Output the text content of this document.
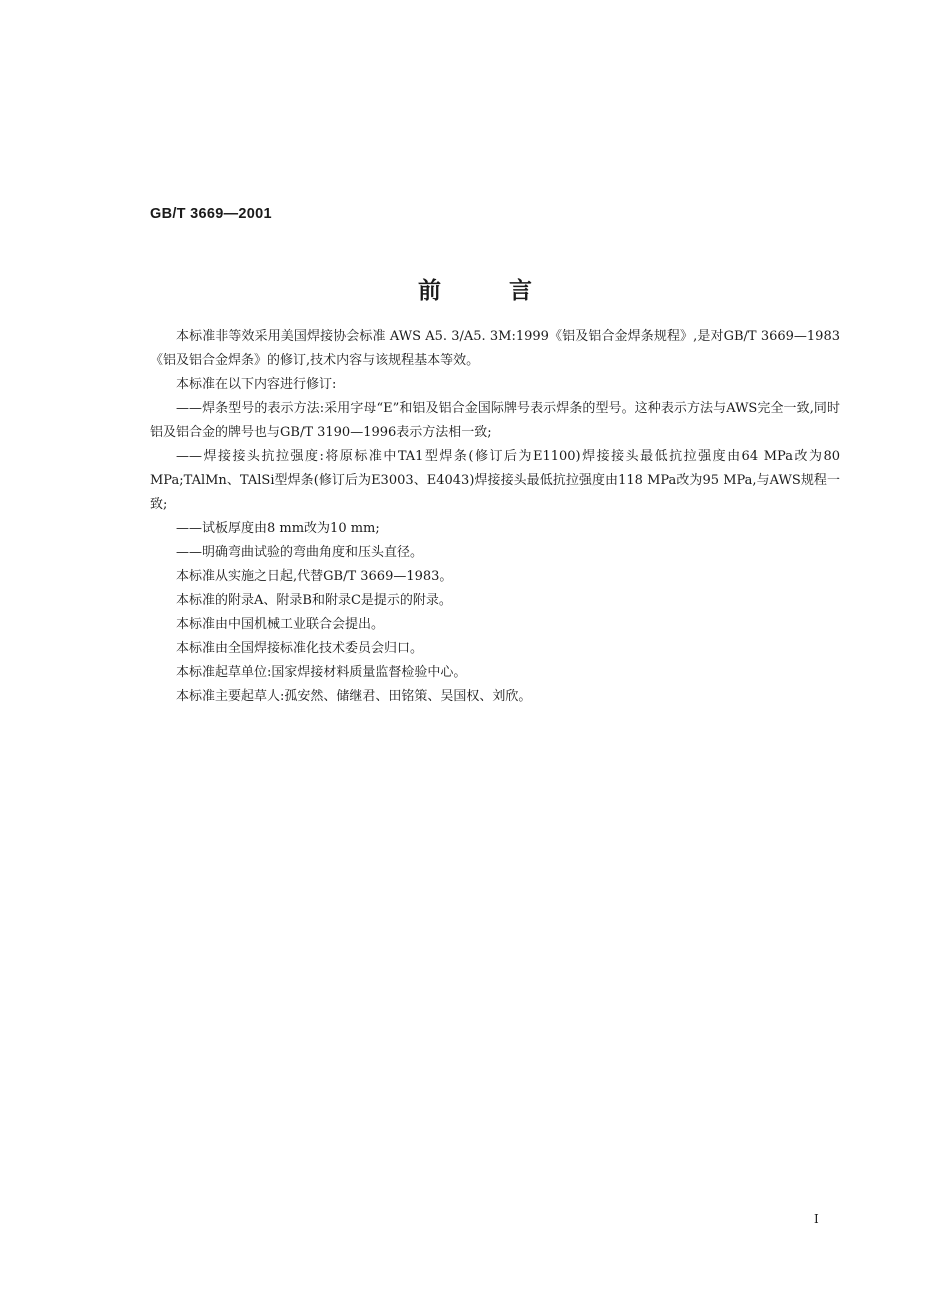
GB/T 3669—2001
前言

本标准非等效采用美国焊接协会标准 AWS A5. 3/A5. 3M:1999《铝及铝合金焊条规程》,是对GB/T 3669—1983《铝及铝合金焊条》的修订,技术内容与该规程基本等效。

本标准在以下内容进行修订:

——焊条型号的表示方法:采用字母“E”和铝及铝合金国际牌号表示焊条的型号。这种表示方法与AWS完全一致,同时铝及铝合金的牌号也与GB/T 3190—1996表示方法相一致;

——焊接接头抗拉强度:将原标准中TA1型焊条(修订后为E1100)焊接接头最低抗拉强度由64 MPa改为80 MPa;TAlMn、TAlSi型焊条(修订后为E3003、E4043)焊接接头最低抗拉强度由118 MPa改为95 MPa,与AWS规程一致;

——试板厚度由8 mm改为10 mm;

——明确弯曲试验的弯曲角度和压头直径。

本标准从实施之日起,代替GB/T 3669—1983。

本标准的附录A、附录B和附录C是提示的附录。

本标准由中国机械工业联合会提出。

本标准由全国焊接标准化技术委员会归口。

本标准起草单位:国家焊接材料质量监督检验中心。

本标准主要起草人:孤安然、储继君、田铭策、吴国权、刘欣。

I
